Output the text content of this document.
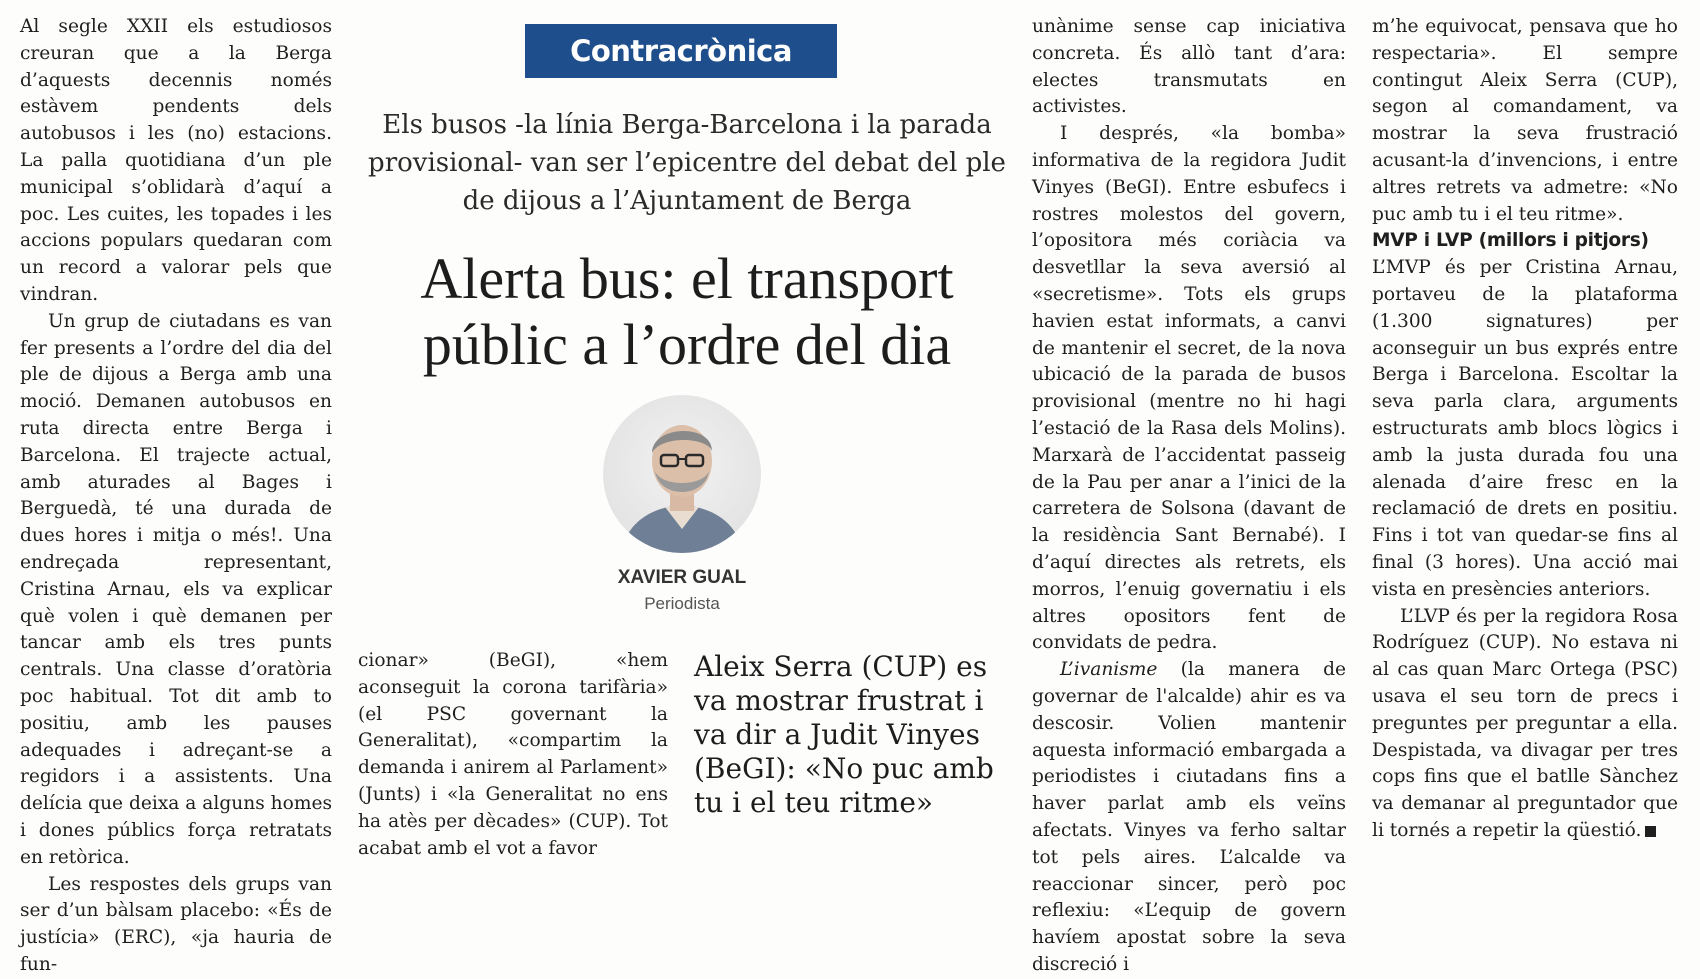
Al segle XXII els estudiosos creuran que a la Berga d’aquests decennis només estàvem pendents dels autobusos i les (no) estacions. La palla quotidiana d’un ple municipal s’oblidarà d’aquí a poc. Les cuites, les topades i les accions populars quedaran com un record a valorar pels que vindran.

Un grup de ciutadans es van fer presents a l’ordre del dia del ple de dijous a Berga amb una moció. Demanen autobusos en ruta directa entre Berga i Barcelona. El trajecte actual, amb aturades al Bages i Berguedà, té una durada de dues hores i mitja o més!. Una endreçada representant, Cristina Arnau, els va explicar què volen i què demanen per tancar amb els tres punts centrals. Una classe d’oratòria poc habitual. Tot dit amb to positiu, amb les pauses adequades i adreçant-se a regidors i a assistents. Una delícia que deixa a alguns homes i dones públics força retratats en retòrica.

Les respostes dels grups van ser d’un bàlsam placebo: «És de justícia» (ERC), «ja hauria de fun-

Contracrònica
Els busos -la línia Berga-Barcelona i la parada provisional- van ser l’epicentre del debat del ple de dijous a l’Ajuntament de Berga
Alerta bus: el transport públic a l’ordre del dia
XAVIER GUAL
Periodista

cionar» (BeGI), «hem aconseguit la corona tarifària» (el PSC governant la Generalitat), «compartim la demanda i anirem al Parlament» (Junts) i «la Generalitat no ens ha atès per dècades» (CUP). Tot acabat amb el vot a favor

Aleix Serra (CUP) es va mostrar frustrat i va dir a Judit Vinyes (BeGI): «No puc amb tu i el teu ritme»

unànime sense cap iniciativa concreta. És allò tant d’ara: electes transmutats en activistes.

I després, «la bomba» informativa de la regidora Judit Vinyes (BeGI). Entre esbufecs i rostres molestos del govern, l’opositora més coriàcia va desvetllar la seva aversió al «secretisme». Tots els grups havien estat informats, a canvi de mantenir el secret, de la nova ubicació de la parada de busos provisional (mentre no hi hagi l’estació de la Rasa dels Molins). Marxarà de l’accidentat passeig de la Pau per anar a l’inici de la carretera de Solsona (davant de la residència Sant Bernabé). I d’aquí directes als retrets, els morros, l’enuig governatiu i els altres opositors fent de convidats de pedra.

L’ivanisme (la manera de governar de l'alcalde) ahir es va descosir. Volien mantenir aquesta informació embargada a periodistes i ciutadans fins a haver parlat amb els veïns afectats. Vinyes va ferho saltar tot pels aires. L’alcalde va reaccionar sincer, però poc reflexiu: «L’equip de govern havíem apostat sobre la seva discreció i

m’he equivocat, pensava que ho respectaria». El sempre contingut Aleix Serra (CUP), segon al comandament, va mostrar la seva frustració acusant-la d’invencions, i entre altres retrets va admetre: «No puc amb tu i el teu ritme».

MVP i LVP (millors i pitjors)

L’MVP és per Cristina Arnau, portaveu de la plataforma (1.300 signatures) per aconseguir un bus exprés entre Berga i Barcelona. Escoltar la seva parla clara, arguments estructurats amb blocs lògics i amb la justa durada fou una alenada d’aire fresc en la reclamació de drets en positiu. Fins i tot van quedar-se fins al final (3 hores). Una acció mai vista en presències anteriors.

L’LVP és per la regidora Rosa Rodríguez (CUP). No estava ni al cas quan Marc Ortega (PSC) usava el seu torn de precs i preguntes per preguntar a ella. Despistada, va divagar per tres cops fins que el batlle Sànchez va demanar al preguntador que li tornés a repetir la qüestió.
